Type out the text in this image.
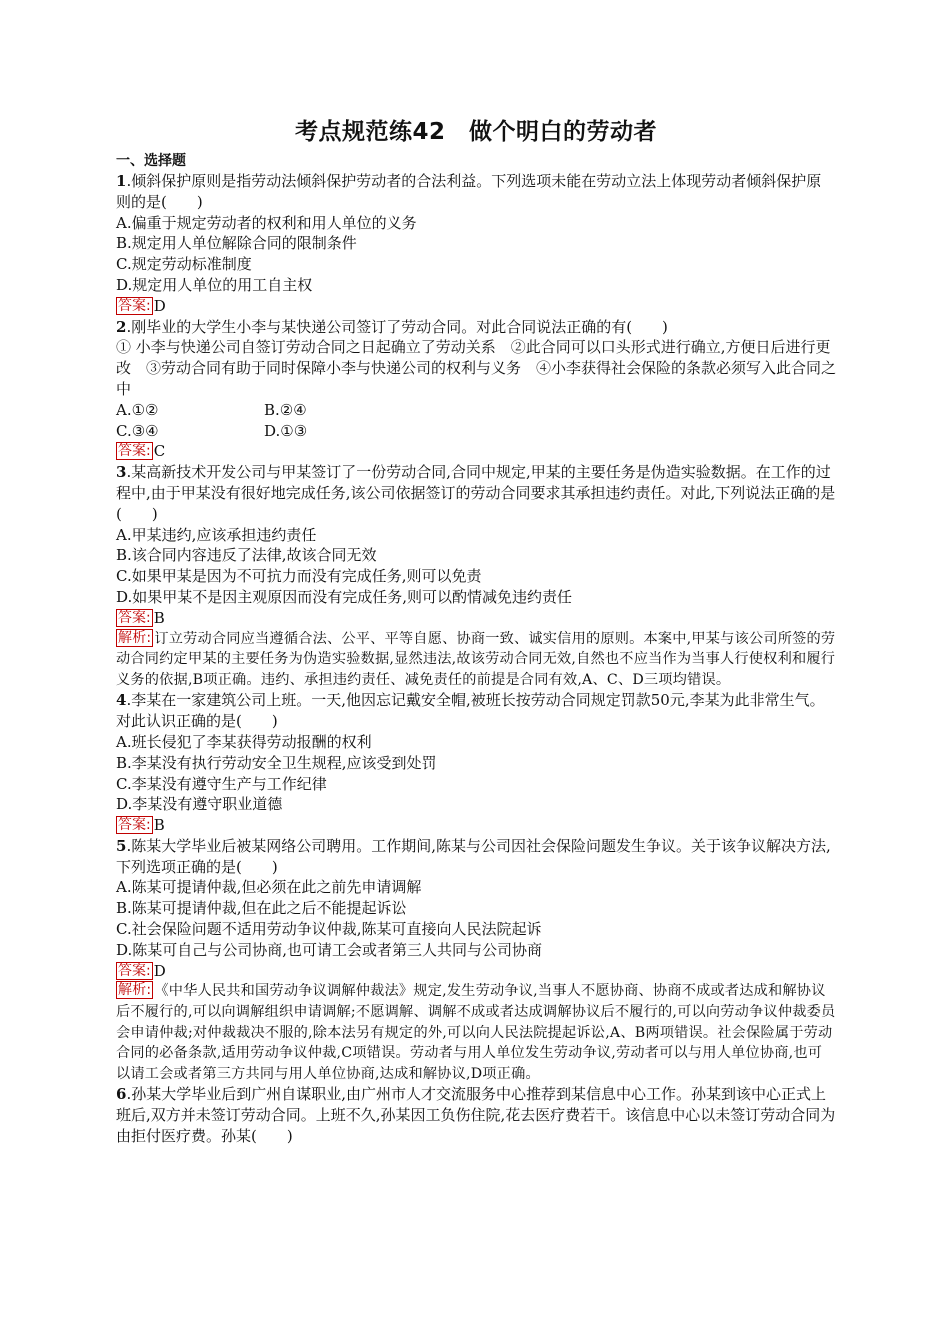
考点规范练42　做个明白的劳动者
一、选择题

1.倾斜保护原则是指劳动法倾斜保护劳动者的合法利益。下列选项未能在劳动立法上体现劳动者倾斜保护原则的是(　　)

A.偏重于规定劳动者的权利和用人单位的义务

B.规定用人单位解除合同的限制条件

C.规定劳动标准制度

D.规定用人单位的用工自主权

答案: D

2.刚毕业的大学生小李与某快递公司签订了劳动合同。对此合同说法正确的有(　　)

① 小李与快递公司自签订劳动合同之日起确立了劳动关系　②此合同可以口头形式进行确立,方便日后进行更改　③劳动合同有助于同时保障小李与快递公司的权利与义务　④小李获得社会保险的条款必须写入此合同之中

A.①②	B.②④
C.③④	D.①③

答案: C

3.某高新技术开发公司与甲某签订了一份劳动合同,合同中规定,甲某的主要任务是伪造实验数据。在工作的过程中,由于甲某没有很好地完成任务,该公司依据签订的劳动合同要求其承担违约责任。对此,下列说法正确的是(　　)

A.甲某违约,应该承担违约责任

B.该合同内容违反了法律,故该合同无效

C.如果甲某是因为不可抗力而没有完成任务,则可以免责

D.如果甲某不是因主观原因而没有完成任务,则可以酌情减免违约责任

答案: B

解析: 订立劳动合同应当遵循合法、公平、平等自愿、协商一致、诚实信用的原则。本案中,甲某与该公司所签的劳动合同约定甲某的主要任务为伪造实验数据,显然违法,故该劳动合同无效,自然也不应当作为当事人行使权利和履行义务的依据,B项正确。违约、承担违约责任、减免责任的前提是合同有效,A、C、D三项均错误。

4.李某在一家建筑公司上班。一天,他因忘记戴安全帽,被班长按劳动合同规定罚款50元,李某为此非常生气。对此认识正确的是(　　)

A.班长侵犯了李某获得劳动报酬的权利

B.李某没有执行劳动安全卫生规程,应该受到处罚

C.李某没有遵守生产与工作纪律

D.李某没有遵守职业道德

答案: B

5.陈某大学毕业后被某网络公司聘用。工作期间,陈某与公司因社会保险问题发生争议。关于该争议解决方法,下列选项正确的是(　　)

A.陈某可提请仲裁,但必须在此之前先申请调解

B.陈某可提请仲裁,但在此之后不能提起诉讼

C.社会保险问题不适用劳动争议仲裁,陈某可直接向人民法院起诉

D.陈某可自己与公司协商,也可请工会或者第三人共同与公司协商

答案: D

解析: 《中华人民共和国劳动争议调解仲裁法》规定,发生劳动争议,当事人不愿协商、协商不成或者达成和解协议后不履行的,可以向调解组织申请调解;不愿调解、调解不成或者达成调解协议后不履行的,可以向劳动争议仲裁委员会申请仲裁;对仲裁裁决不服的,除本法另有规定的外,可以向人民法院提起诉讼,A、B两项错误。社会保险属于劳动合同的必备条款,适用劳动争议仲裁,C项错误。劳动者与用人单位发生劳动争议,劳动者可以与用人单位协商,也可以请工会或者第三方共同与用人单位协商,达成和解协议,D项正确。

6.孙某大学毕业后到广州自谋职业,由广州市人才交流服务中心推荐到某信息中心工作。孙某到该中心正式上班后,双方并未签订劳动合同。上班不久,孙某因工负伤住院,花去医疗费若干。该信息中心以未签订劳动合同为由拒付医疗费。孙某(　　)
